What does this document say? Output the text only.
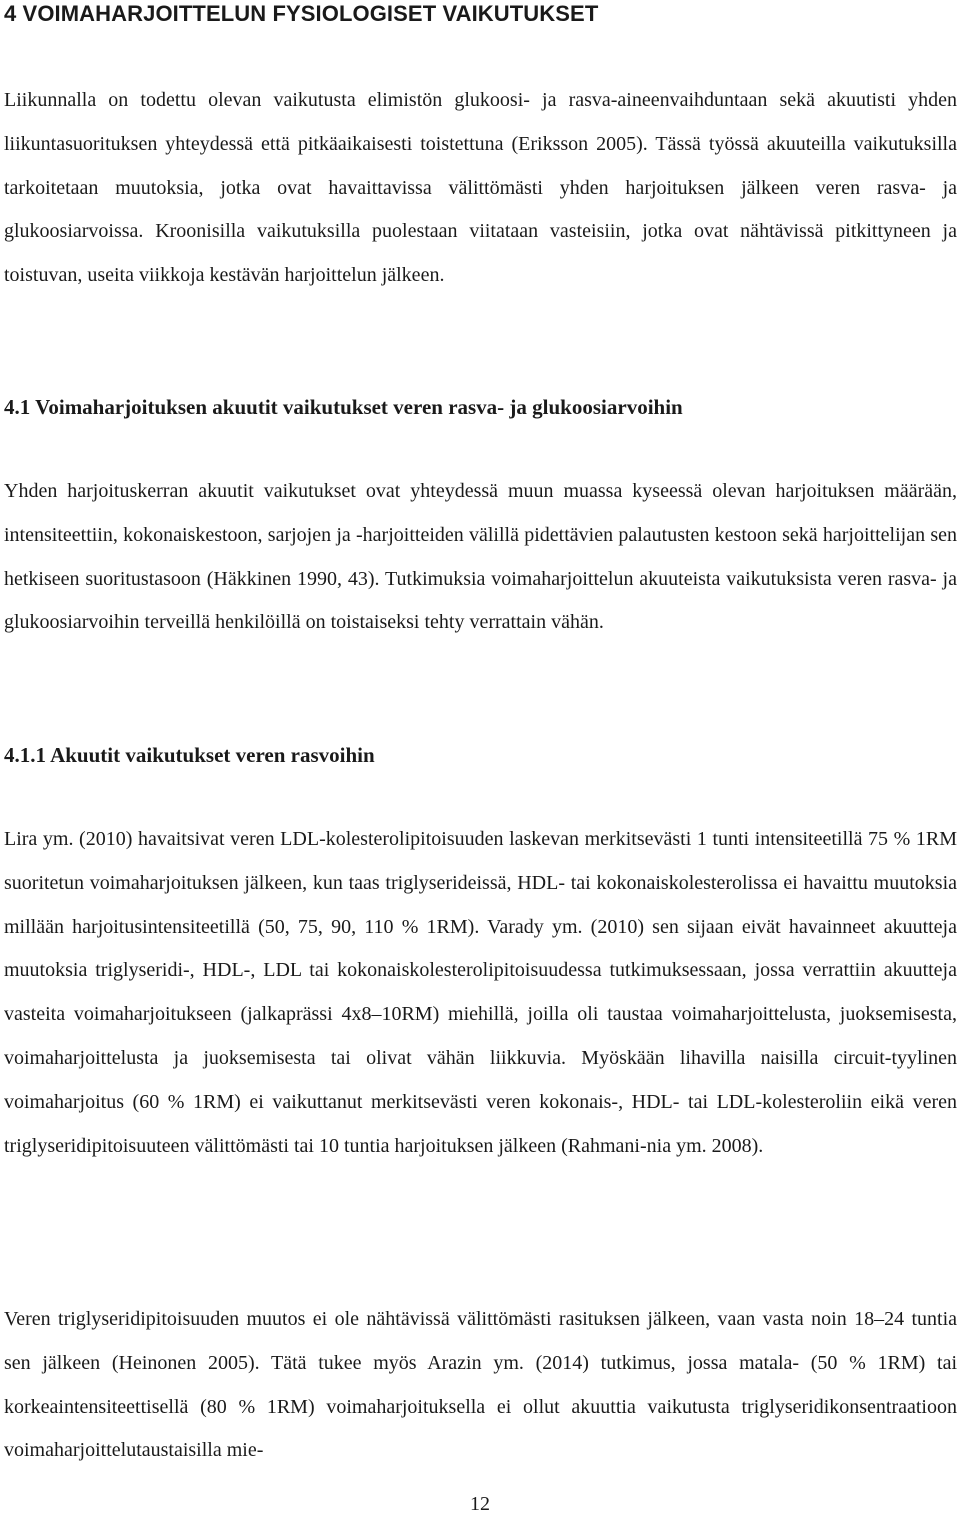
4 VOIMAHARJOITTELUN FYSIOLOGISET VAIKUTUKSET

Liikunnalla on todettu olevan vaikutusta elimistön glukoosi- ja rasva-aineenvaihduntaan sekä akuutisti yhden liikuntasuorituksen yhteydessä että pitkäaikaisesti toistettuna (Eriksson 2005). Tässä työssä akuuteilla vaikutuksilla tarkoitetaan muutoksia, jotka ovat havaittavissa välittömästi yhden harjoituksen jälkeen veren rasva- ja glukoosiarvoissa. Kroonisilla vaikutuksilla puolestaan viitataan vasteisiin, jotka ovat nähtävissä pitkittyneen ja toistuvan, useita viikkoja kestävän harjoittelun jälkeen.

4.1 Voimaharjoituksen akuutit vaikutukset veren rasva- ja glukoosiarvoihin

Yhden harjoituskerran akuutit vaikutukset ovat yhteydessä muun muassa kyseessä olevan harjoituksen määrään, intensiteettiin, kokonaiskestoon, sarjojen ja -harjoitteiden välillä pidettävien palautusten kestoon sekä harjoittelijan sen hetkiseen suoritustasoon (Häkkinen 1990, 43). Tutkimuksia voimaharjoittelun akuuteista vaikutuksista veren rasva- ja glukoosiarvoihin terveillä henkilöillä on toistaiseksi tehty verrattain vähän.

4.1.1 Akuutit vaikutukset veren rasvoihin

Lira ym. (2010) havaitsivat veren LDL-kolesterolipitoisuuden laskevan merkitsevästi 1 tunti intensiteetillä 75 % 1RM suoritetun voimaharjoituksen jälkeen, kun taas triglyserideissä, HDL- tai kokonaiskolesterolissa ei havaittu muutoksia millään harjoitusintensiteetillä (50, 75, 90, 110 % 1RM). Varady ym. (2010) sen sijaan eivät havainneet akuutteja muutoksia triglyseridi-, HDL-, LDL tai kokonaiskolesterolipitoisuudessa tutkimuksessaan, jossa verrattiin akuutteja vasteita voimaharjoitukseen (jalkaprässi 4x8–10RM) miehillä, joilla oli taustaa voimaharjoittelusta, juoksemisesta, voimaharjoittelusta ja juoksemisesta tai olivat vähän liikkuvia. Myöskään lihavilla naisilla circuit-tyylinen voimaharjoitus (60 % 1RM) ei vaikuttanut merkitsevästi veren kokonais-, HDL- tai LDL-kolesteroliin eikä veren triglyseridipitoisuuteen välittömästi tai 10 tuntia harjoituksen jälkeen (Rahmani-nia ym. 2008).

Veren triglyseridipitoisuuden muutos ei ole nähtävissä välittömästi rasituksen jälkeen, vaan vasta noin 18–24 tuntia sen jälkeen (Heinonen 2005). Tätä tukee myös Arazin ym. (2014) tutkimus, jossa matala- (50 % 1RM) tai korkeaintensiteettisellä (80 % 1RM) voimaharjoituksella ei ollut akuuttia vaikutusta triglyseridikonsentraatioon voimaharjoittelutaustaisilla mie-

12
